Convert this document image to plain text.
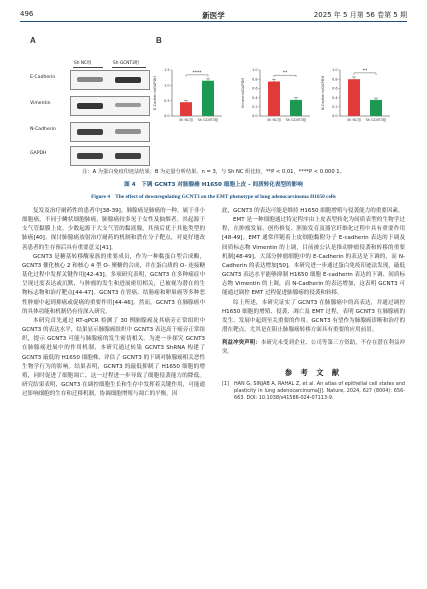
496	新医学	2025 年 5 月第 56 卷第 5 期
A	B
Sh NC组	Sh GCNT3组
E-Cadherin
Vimentin
N-Cadherin
GAPDH
E-Cadherin/GAPDH
0.0
0.5
1.0
1.5
Sh NC组 Sh GCNT3组
****
Vimentin/GAPDH
0.0
0.2
0.4
0.6
0.8
1.0
Sh NC组 Sh GCNT3组
**
N-Cadherin/GAPDH
0.0
0.2
0.4
0.6
0.8
1.0
Sh NC组 Sh GCNT3组
**
注：A 为蛋白免疫印迹法结果；B 为定量分析结果。n = 3，与 Sh NC 组比较，**P < 0.01，****P < 0.000 1。
图 4　下调 GCNT3 对肺腺癌 H1650 细胞上皮 - 间质转化表型的影响
Figure 4　The effect of downregulating GCNT3 on the EMT phenotype of lung adenocarcinoma H1650 cells

复发及治疗耐药性的患者中[38-39]。肺腺癌是肺癌的一种，属于非小细胞癌，不同于鳞状细胞肺癌，肺腺癌较多见于女性及抽烟者。其起源于支气管黏膜上皮，少数起源于大支气管的黏液腺，其预后优于其他类型的肺癌[40]。探讨肺腺癌放射治疗耐药的机制和潜在分子靶点，对更好地改善患者的生存预后具有重要意义[41]。

GCNT3 是糖基转移酶家族的重要成员，作为一种黏蛋白型合成酶，GCNT3 催化核心 2 和核心 4 型 O- 聚糖的合成，并在蛋白质的 O- 连接糖基化过程中发挥关键作用[42-43]。多项研究表明，GCNT3 在多种癌症中呈现过度表达或沉默，与肿瘤的发生和进展密切相关，已被视为潜在的生物标志物和治疗靶点[44-47]。GCNT3 在胃癌、结肠癌和卵巢癌等多种恶性肿瘤中起到抑癌或促癌的重要作用[44-46]。然而，GCNT3 在肺腺癌中的具体功能和机制仍有待深入研究。

本研究首先通过 RT-qPCR 检测了 30 例肺腺癌及其癌旁正常组织中 GCNT3 的表达水平，结果显示肺腺癌组织中 GCNT3 表达高于癌旁正常组织，提示 GCNT3 可能与肺腺癌的发生密切相关。为进一步探究 GCNT3 在肺腺癌进展中的作用机制，本研究通过转染 GCNT3 ShRNA 构建了 GCNT3 敲低的 H1650 细胞株，评估了 GCNT3 的下调对肺腺癌相关恶性生物学行为的影响。结果表明，GCNT3 的敲低抑制了 H1650 细胞的增殖，同时促进了细胞凋亡，这一过程进一步导致了细胞侵袭能力的降低。研究结果表明，GCNT3 在调控细胞生长和生存中发挥着关键作用，可能通过影响细胞的生存和迁移机制，协调细胞增殖与凋亡的平衡。因

此，GCNT3 的表达可能是维持 H1650 细胞增殖与侵袭能力的重要因素。

EMT 是一种细胞通过特定程序由上皮表型转化为间质表型的生物学过程，在肿瘤发展、创伤修复、胚胎发育及器官纤维化过程中具有重要作用[48-49]。EMT 通常伴随着上皮细胞黏附分子 E-cadherin 表达的下调及间质标志物 Vimentin 的上调，目前被公认是推动肿瘤侵袭和转移的重要机制[48-49]。大部分肿瘤细胞中的 E-Cadherin 的表达是下调的，而 N-Cadherin 的表达增加[50]。本研究进一步通过蛋白免疫印迹法发现，敲低 GCNT3 表达水平能够抑制 H1650 细胞 E-cadherin 表达的下调、间质标志物 Vimentin 的上调，而 N-Cadherin 的表达增加，这表明 GCNT3 可能通过调控 EMT 过程促进肺腺癌的侵袭和转移。

综上所述，本研究证实了 GCNT3 在肺腺癌中的高表达，并通过调控 H1650 细胞的增殖、侵袭、凋亡及 EMT 过程，表明 GCNT3 在肺腺癌的发生、发展中起到至关重要的作用。GCNT3 有望作为肺腺癌诊断和治疗的潜在靶点，尤其是在阻止肺腺癌转移方面具有重要的应用前景。

利益冲突声明：本研究未受到企业、公司等第三方资助，不存在潜在利益冲突。

参 考 文 献

[1] HAN G, SINJAB A, RAHAL Z, et al. An atlas of epithelial cell states and plasticity in lung adenocarcinoma[J]. Nature, 2024, 627 (8004): 656-663. DOI: 10.1038/s41586-024-07113-9.
